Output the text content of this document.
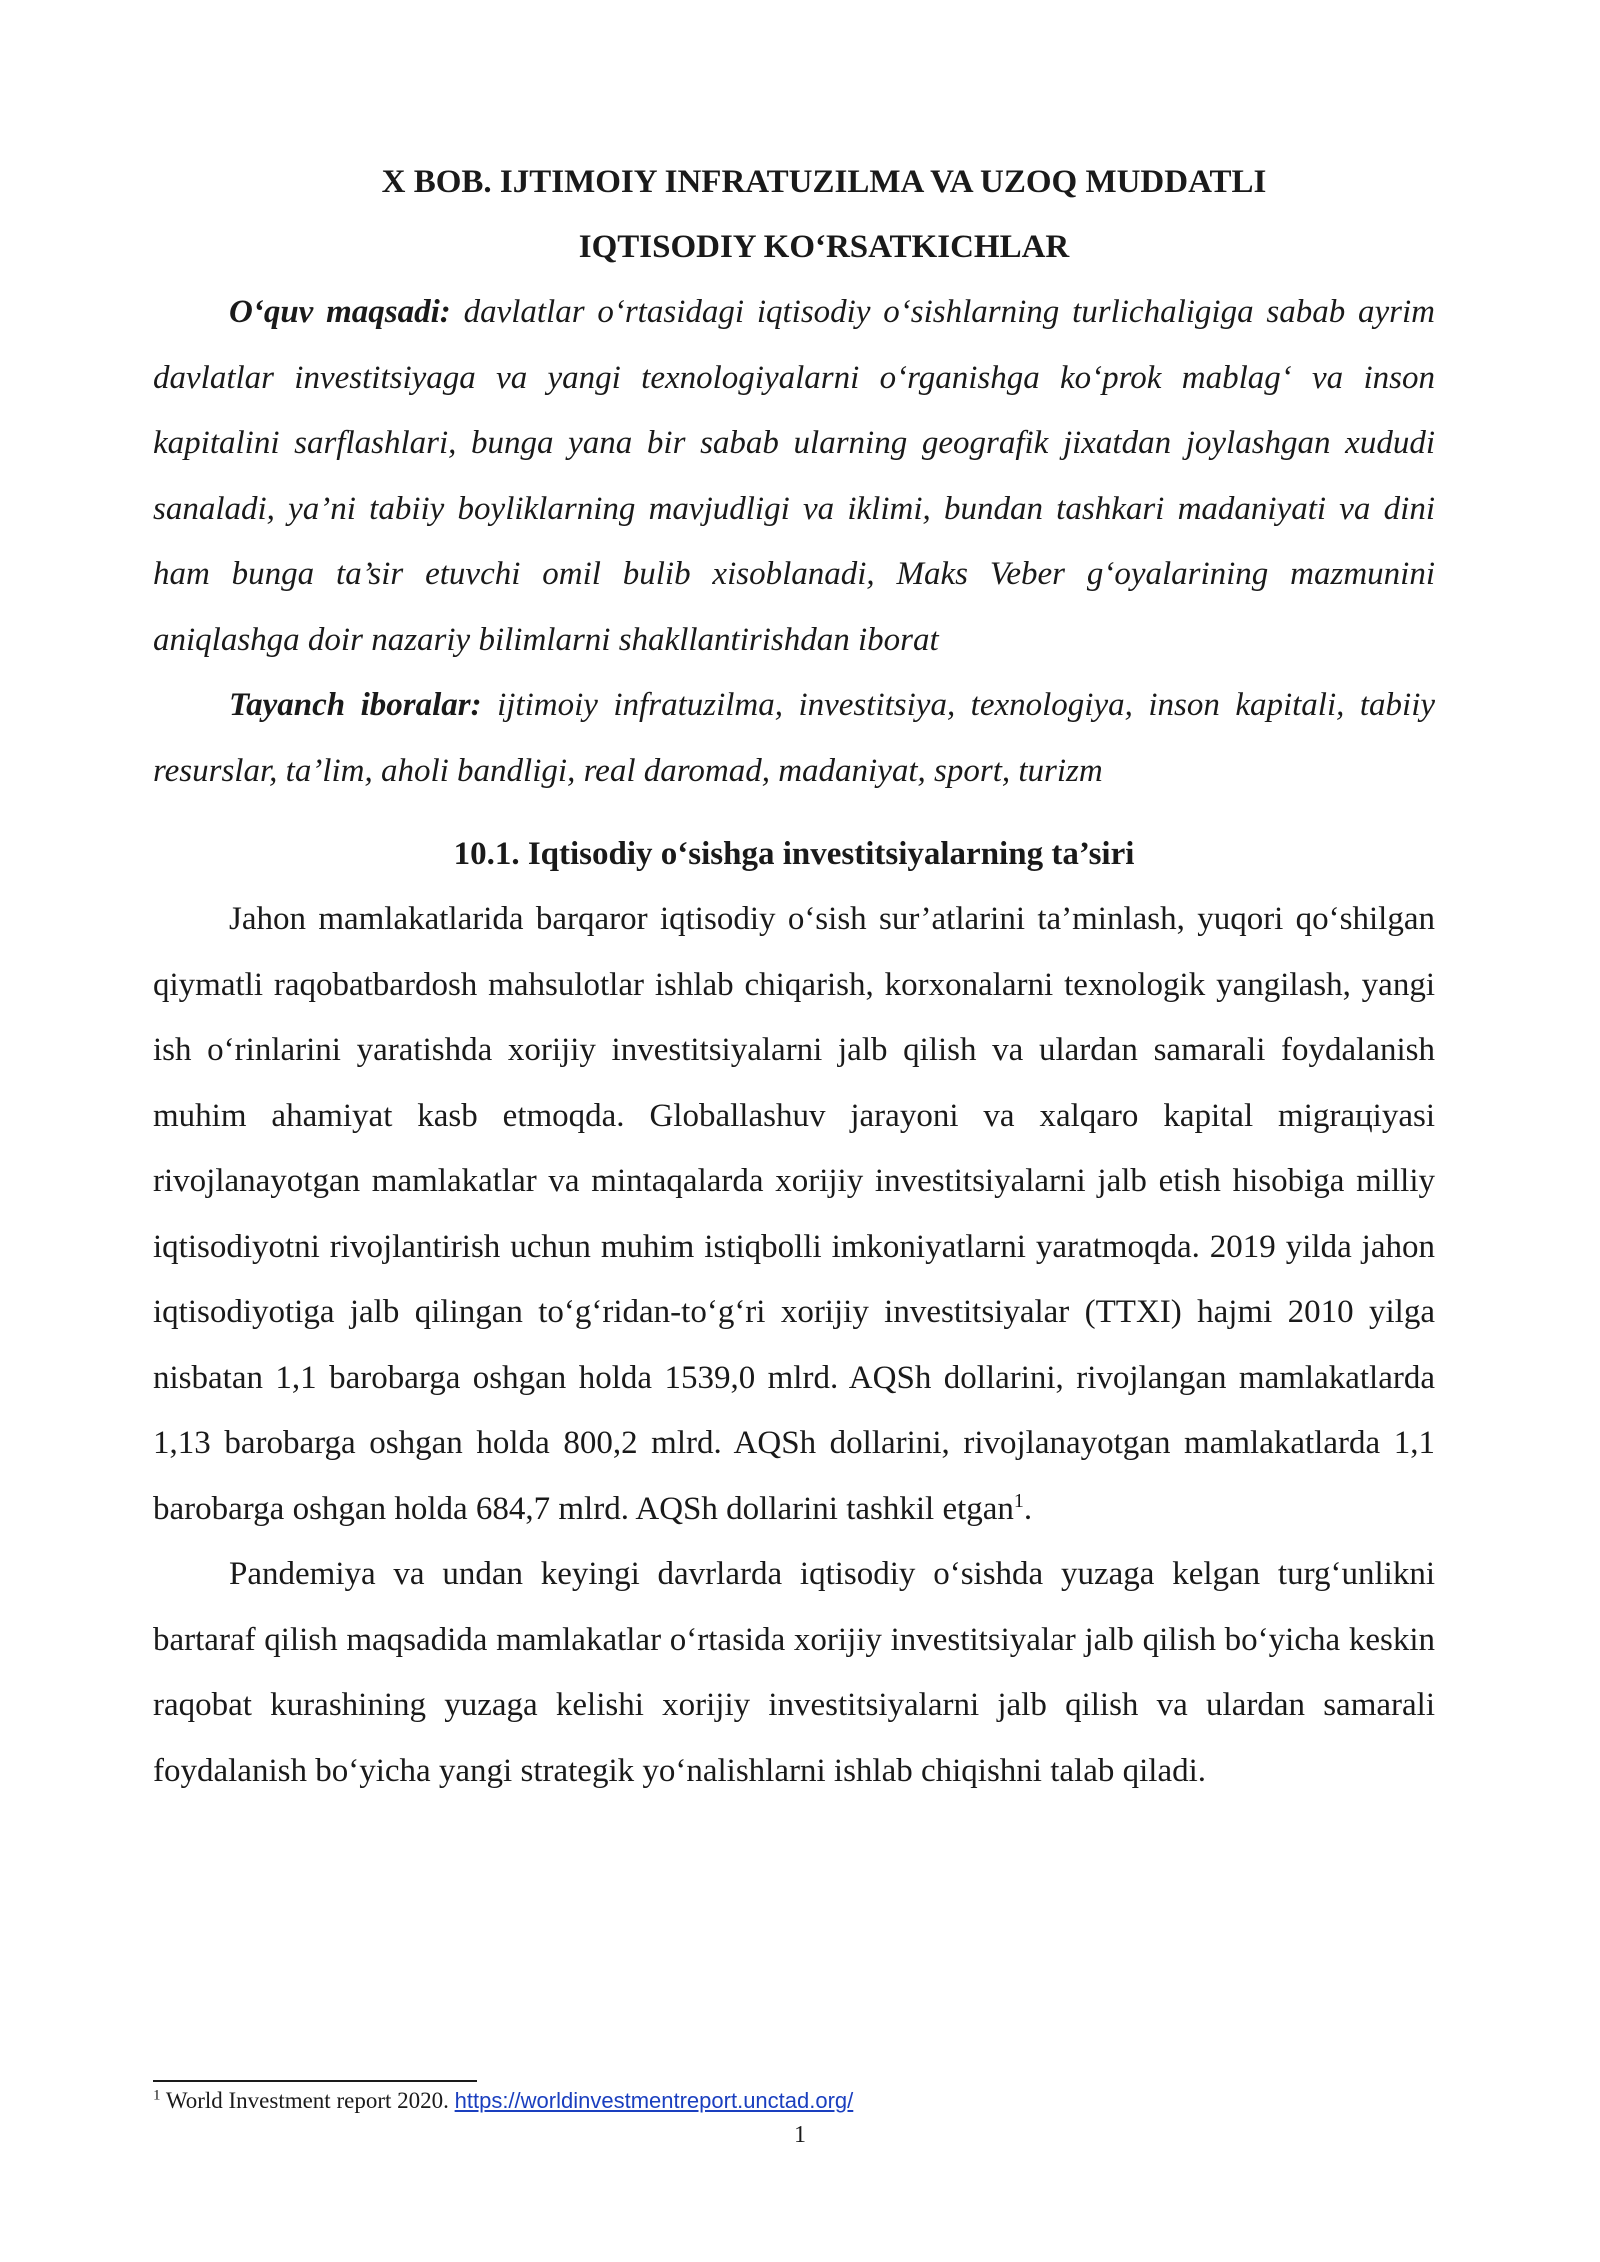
X BOB. IJTIMOIY INFRATUZILMA VA UZOQ MUDDATLI
IQTISODIY KO‘RSATKICHLAR

O‘quv maqsadi: davlatlar o‘rtasidagi iqtisodiy o‘sishlarning turlichaligiga sabab ayrim davlatlar investitsiyaga va yangi texnologiyalarni o‘rganishga ko‘prok mablag‘ va inson kapitalini sarflashlari, bunga yana bir sabab ularning geografik jixatdan joylashgan xududi sanaladi, ya’ni tabiiy boyliklarning mavjudligi va iklimi, bundan tashkari madaniyati va dini ham bunga ta’sir etuvchi omil bulib xisoblanadi, Maks Veber g‘oyalarining mazmunini aniqlashga doir nazariy bilimlarni shakllantirishdan iborat

Tayanch iboralar: ijtimoiy infratuzilma, investitsiya, texnologiya, inson kapitali, tabiiy resurslar, ta’lim, aholi bandligi, real daromad, madaniyat, sport, turizm

10.1. Iqtisodiy o‘sishga investitsiyalarning ta’siri

Jahon mamlakatlarida barqaror iqtisodiy o‘sish sur’atlarini ta’minlash, yuqori qo‘shilgan qiymatli raqobatbardosh mahsulotlar ishlab chiqarish, korxonalarni texnologik yangilash, yangi ish o‘rinlarini yaratishda xorijiy investitsiyalarni jalb qilish va ulardan samarali foydalanish muhim ahamiyat kasb etmoqda. Globallashuv jarayoni va xalqaro kapital migraцiyasi rivojlanayotgan mamlakatlar va mintaqalarda xorijiy investitsiyalarni jalb etish hisobiga milliy iqtisodiyotni rivojlantirish uchun muhim istiqbolli imkoniyatlarni yaratmoqda. 2019 yilda jahon iqtisodiyotiga jalb qilingan to‘g‘ridan-to‘g‘ri xorijiy investitsiyalar (TTXI) hajmi 2010 yilga nisbatan 1,1 barobarga oshgan holda 1539,0 mlrd. AQSh dollarini, rivojlangan mamlakatlarda 1,13 barobarga oshgan holda 800,2 mlrd. AQSh dollarini, rivojlanayotgan mamlakatlarda 1,1 barobarga oshgan holda 684,7 mlrd. AQSh dollarini tashkil etgan$^1$.

Pandemiya va undan keyingi davrlarda iqtisodiy o‘sishda yuzaga kelgan turg‘unlikni bartaraf qilish maqsadida mamlakatlar o‘rtasida xorijiy investitsiyalar jalb qilish bo‘yicha keskin raqobat kurashining yuzaga kelishi xorijiy investitsiyalarni jalb qilish va ulardan samarali foydalanish bo‘yicha yangi strategik yo‘nalishlarni ishlab chiqishni talab qiladi.

$^1$ World Investment report 2020. https://worldinvestmentreport.unctad.org/
1
